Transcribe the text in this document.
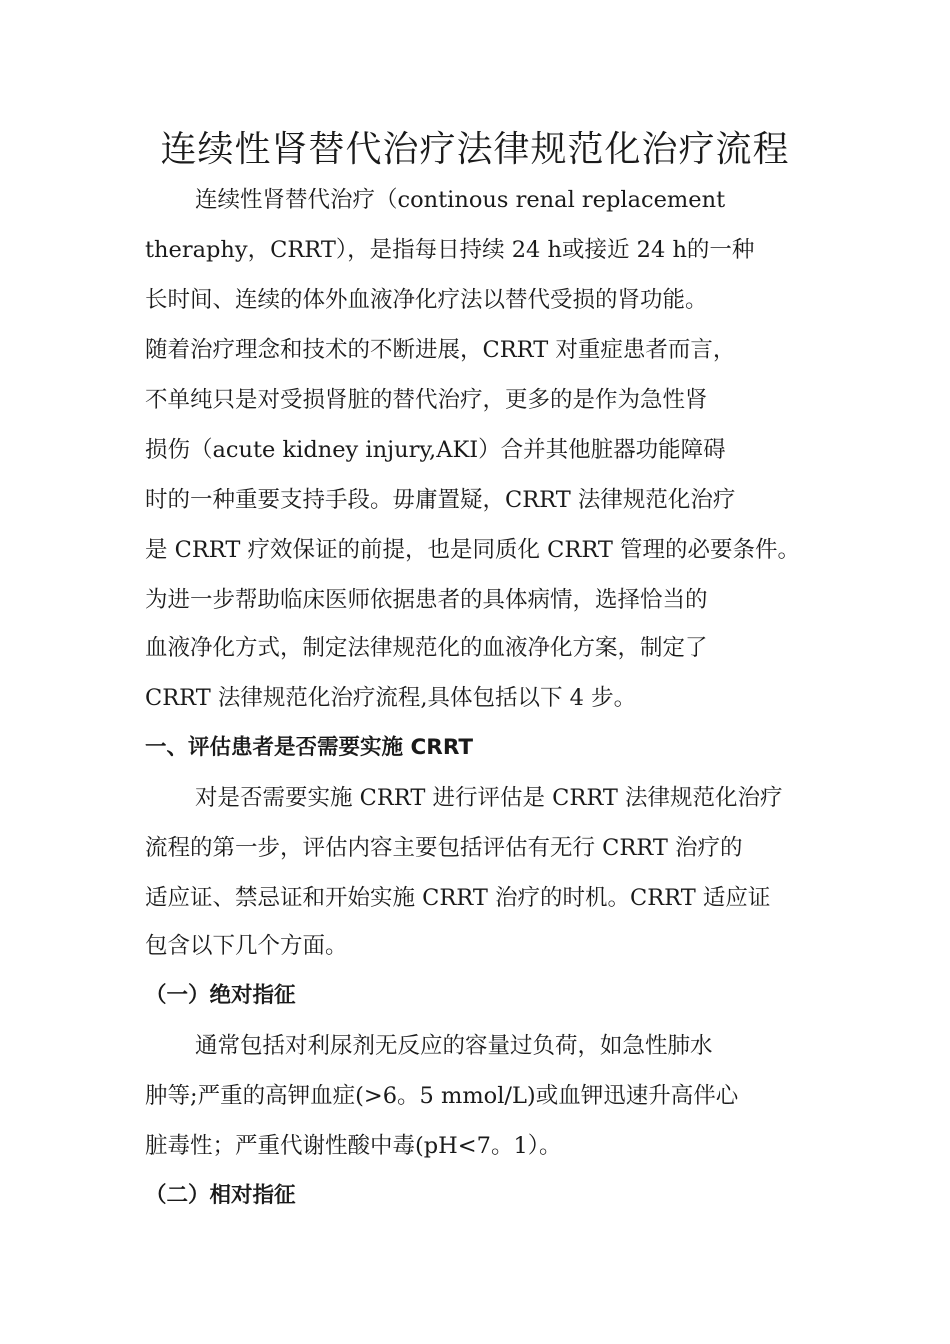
连续性肾替代治疗法律规范化治疗流程

连续性肾替代治疗（continous renal replacement

theraphy，CRRT），是指每日持续 24 h或接近 24 h的一种

长时间、连续的体外血液净化疗法以替代受损的肾功能。

随着治疗理念和技术的不断进展，CRRT 对重症患者而言，

不单纯只是对受损肾脏的替代治疗，更多的是作为急性肾

损伤（acute kidney injury,AKI）合并其他脏器功能障碍

时的一种重要支持手段。毋庸置疑，CRRT 法律规范化治疗

是 CRRT 疗效保证的前提，也是同质化 CRRT 管理的必要条件。

为进一步帮助临床医师依据患者的具体病情，选择恰当的

血液净化方式，制定法律规范化的血液净化方案，制定了

CRRT 法律规范化治疗流程,具体包括以下 4 步。

一、评估患者是否需要实施 CRRT

对是否需要实施 CRRT 进行评估是 CRRT 法律规范化治疗

流程的第一步，评估内容主要包括评估有无行 CRRT 治疗的

适应证、禁忌证和开始实施 CRRT 治疗的时机。CRRT 适应证

包含以下几个方面。

（一）绝对指征

通常包括对利尿剂无反应的容量过负荷，如急性肺水

肿等;严重的高钾血症(>6。5 mmol/L)或血钾迅速升高伴心

脏毒性；严重代谢性酸中毒(pH<7。1）。

（二）相对指征
